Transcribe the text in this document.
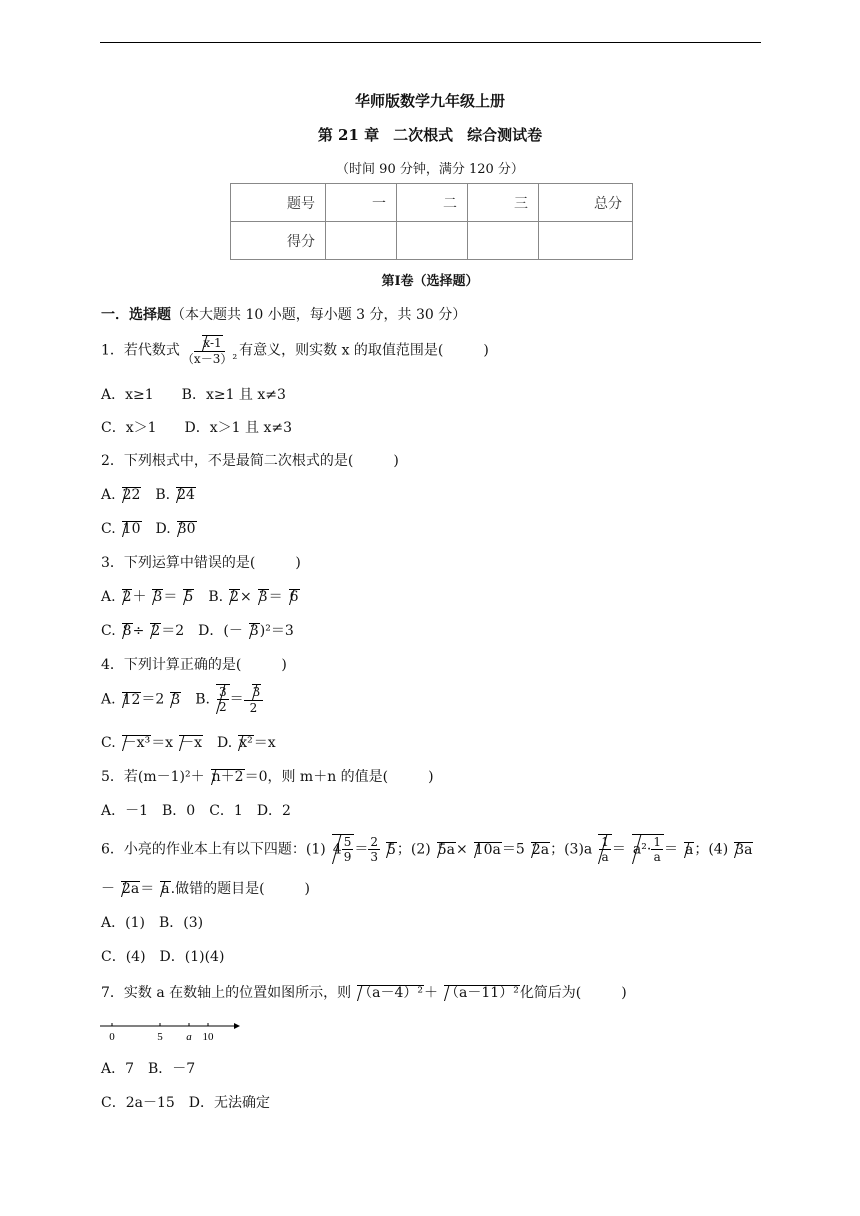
华师版数学九年级上册
第 21 章 二次根式 综合测试卷
（时间 90 分钟，满分 120 分）
题号	一	二	三	总分
得分				
第Ⅰ卷（选择题）
一．选择题（本大题共 10 小题，每小题 3 分，共 30 分）
1．若代数式 $\frac{x-1}{\text{（x－3）²}}$ 有意义，则实数 x 的取值范围是(	)
A．x≥1　　 B．x≥1 且 x≠3
C．x＞1　　 D．x＞1 且 x≠3
2．下列根式中，不是最简二次根式的是(	)
A. 22　B. 24
C. 10　D. 30
3．下列运算中错误的是(	)
A. 2＋ 3＝ 5　B. 2× 3＝ 6
C. 8÷ 2＝2　D．(－ 3)²＝3
4．下列计算正确的是(	)
A. 12＝2 3　B. $\frac{3}{2} = \frac{3}{2}$
C. －x³＝x －x　D. x²＝x
5．若(m－1)²＋ n＋2＝0，则 m＋n 的值是(	)
A．－1　B．0　C．1　D．2
6．小亮的作业本上有以下四题：(1) $4 \frac{5}{9} = \frac{2}{3} 5$；(2) 5a× 10a＝5 2a；$(3)a \frac{1}{a} = a^2\cdot \frac{1}{a} = a$；(4) 3a
－ 2a＝ a.做错的题目是(	)
A．(1)　B．(3)
C．(4)　D．(1)(4)
7．实数 a 在数轴上的位置如图所示，则 （a－4）²＋ （a－11）²化简后为(	)
0	5 a 10
A．7　B．－7
C．2a－15　D．无法确定
